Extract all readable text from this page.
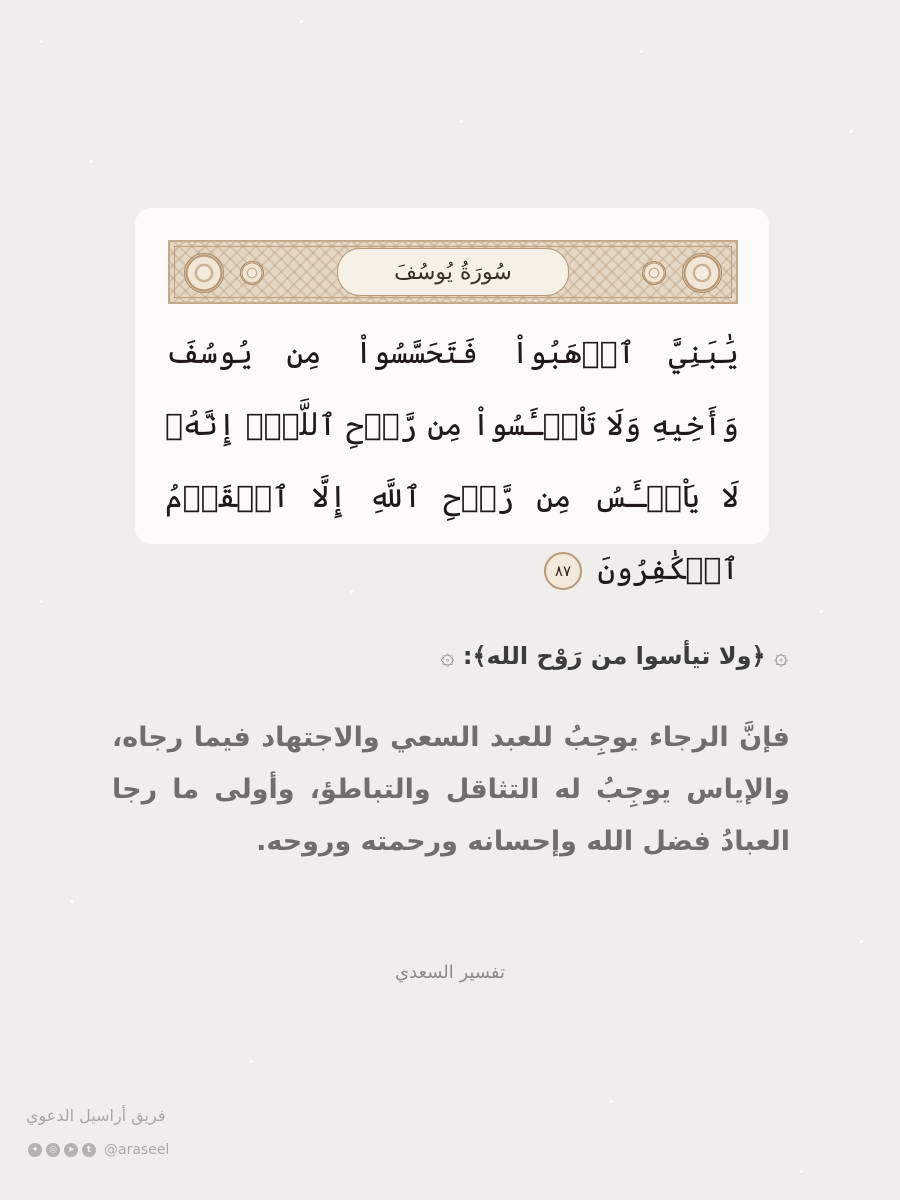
سُورَةُ يُوسُفَ
يَٰبَنِيَّ ٱذۡهَبُواْ فَتَحَسَّسُواْ مِن يُوسُفَ وَأَخِيهِ وَلَا تَاْيۡـَٔسُواْ مِن رَّوۡحِ ٱللَّهِۖ إِنَّهُۥ لَا يَاْيۡـَٔسُ مِن رَّوۡحِ ٱللَّهِ إِلَّا ٱلۡقَوۡمُ ٱلۡكَٰفِرُونَ ٨٧
۞ ﴿ولا تيأسوا من رَوْح الله﴾: ۞
فإنَّ الرجاء يوجِبُ للعبد السعي والاجتهاد فيما رجاه، والإياس يوجِبُ له التثاقل والتباطؤ، وأولى ما رجا العبادُ فضل الله وإحسانه ورحمته وروحه.
تفسير السعدي
فريق أراسيل الدعوي
✦	◎	➤	t @araseel
